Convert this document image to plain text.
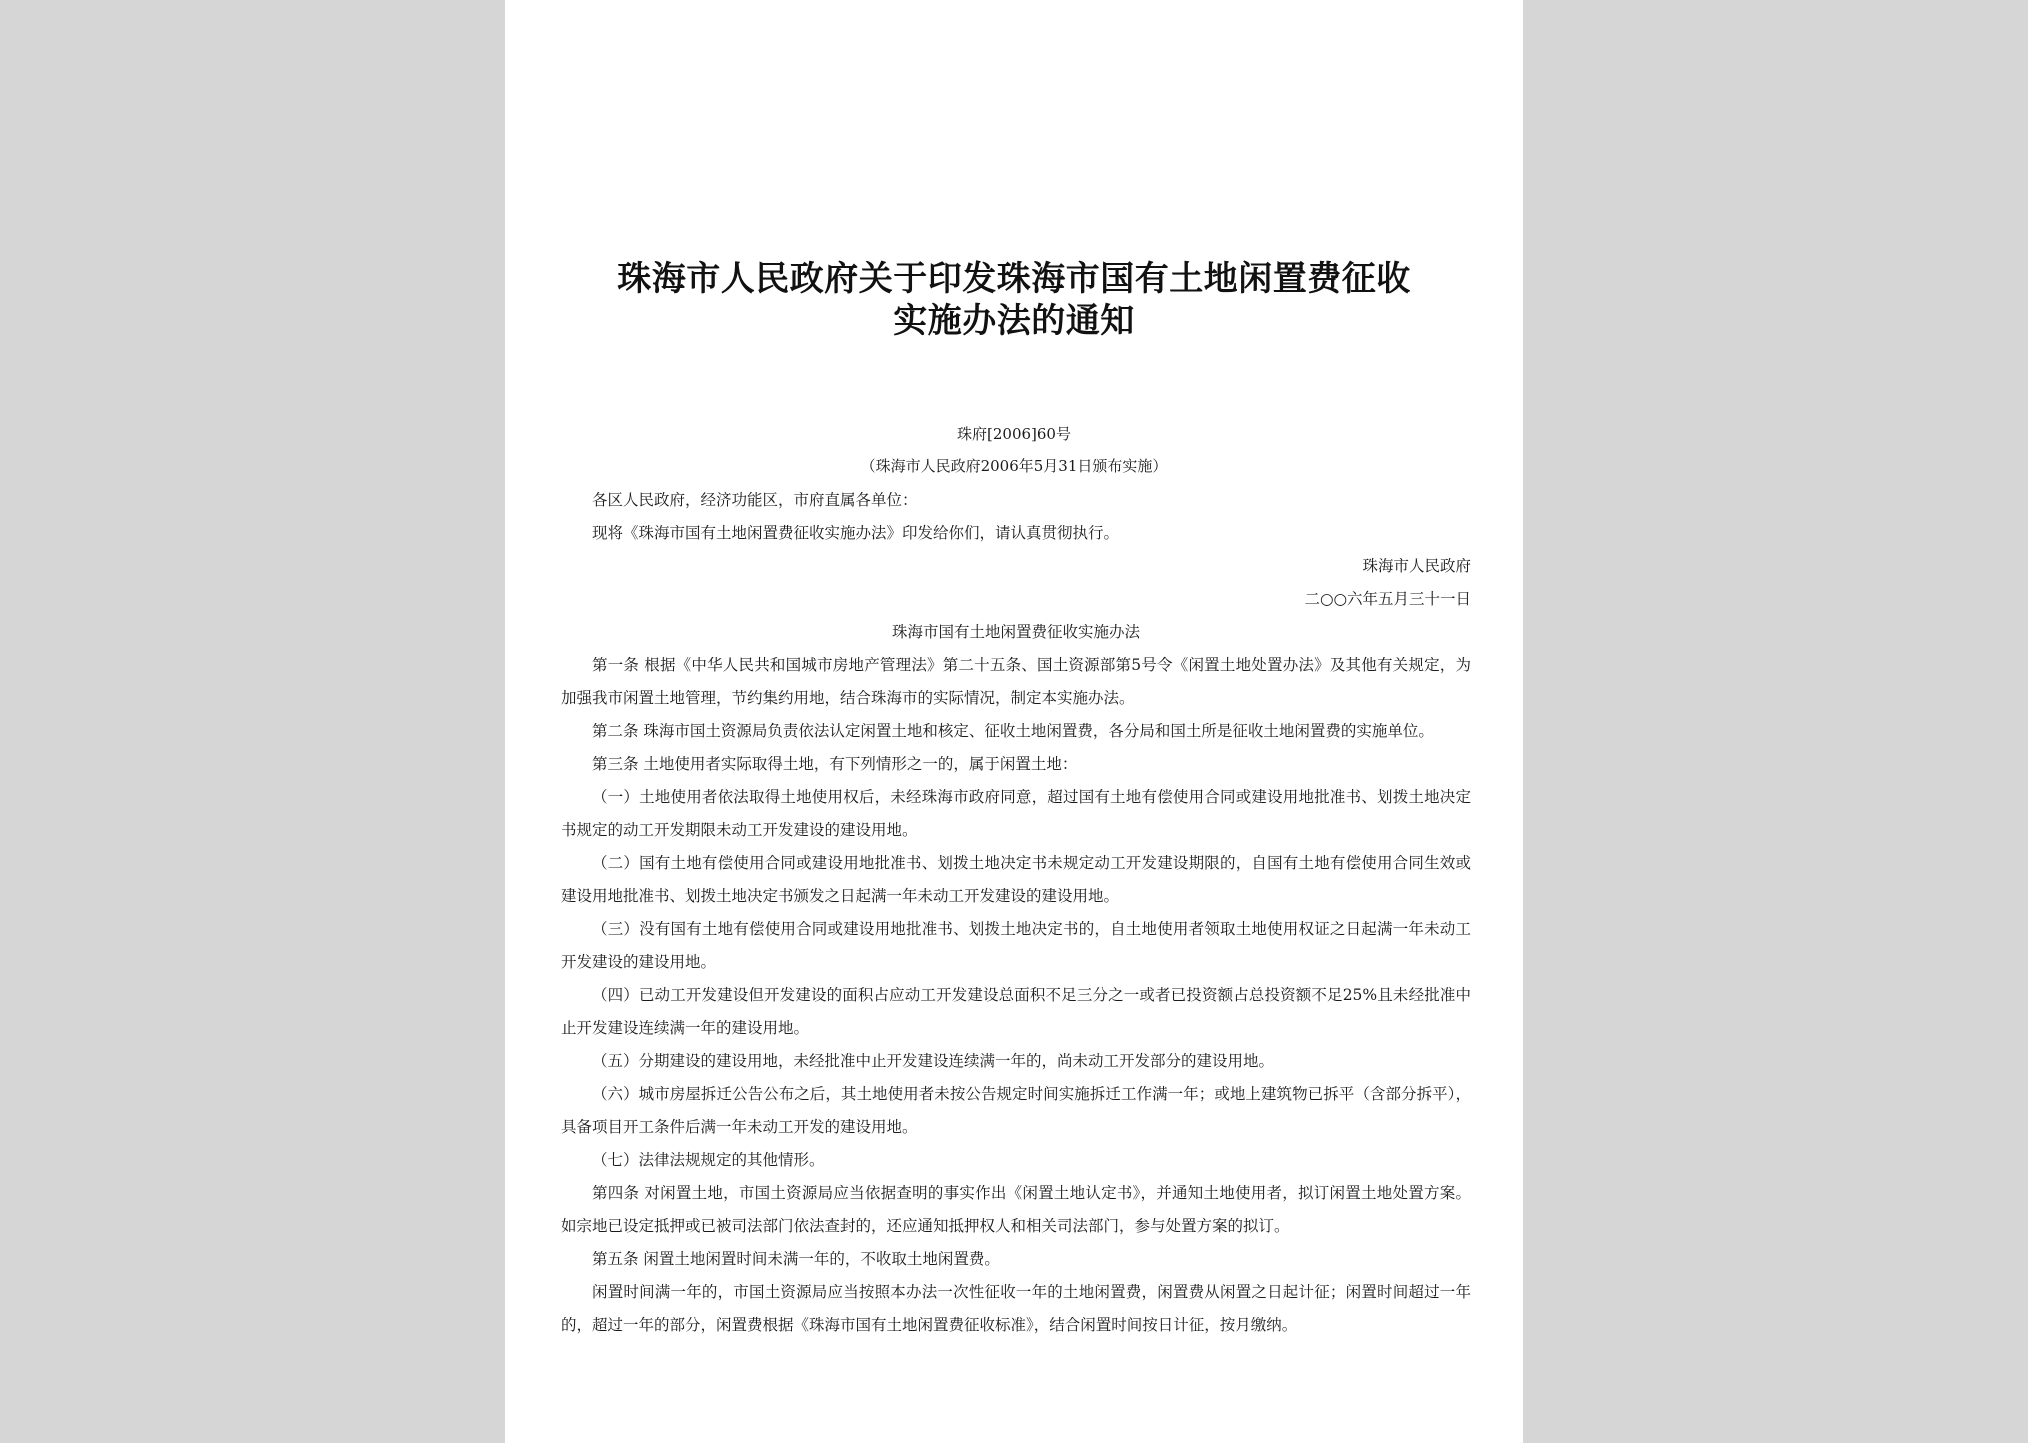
珠海市人民政府关于印发珠海市国有土地闲置费征收
实施办法的通知
珠府[2006]60号
（珠海市人民政府2006年5月31日颁布实施）

各区人民政府，经济功能区，市府直属各单位：

现将《珠海市国有土地闲置费征收实施办法》印发给你们，请认真贯彻执行。

珠海市人民政府

二○○六年五月三十一日

珠海市国有土地闲置费征收实施办法

第一条 根据《中华人民共和国城市房地产管理法》第二十五条、国土资源部第5号令《闲置土地处置办法》及其他有关规定，为加强我市闲置土地管理，节约集约用地，结合珠海市的实际情况，制定本实施办法。

第二条 珠海市国土资源局负责依法认定闲置土地和核定、征收土地闲置费，各分局和国土所是征收土地闲置费的实施单位。

第三条 土地使用者实际取得土地，有下列情形之一的，属于闲置土地：

（一）土地使用者依法取得土地使用权后，未经珠海市政府同意，超过国有土地有偿使用合同或建设用地批准书、划拨土地决定书规定的动工开发期限未动工开发建设的建设用地。

（二）国有土地有偿使用合同或建设用地批准书、划拨土地决定书未规定动工开发建设期限的，自国有土地有偿使用合同生效或建设用地批准书、划拨土地决定书颁发之日起满一年未动工开发建设的建设用地。

（三）没有国有土地有偿使用合同或建设用地批准书、划拨土地决定书的，自土地使用者领取土地使用权证之日起满一年未动工开发建设的建设用地。

（四）已动工开发建设但开发建设的面积占应动工开发建设总面积不足三分之一或者已投资额占总投资额不足25%且未经批准中止开发建设连续满一年的建设用地。

（五）分期建设的建设用地，未经批准中止开发建设连续满一年的，尚未动工开发部分的建设用地。

（六）城市房屋拆迁公告公布之后，其土地使用者未按公告规定时间实施拆迁工作满一年；或地上建筑物已拆平（含部分拆平），具备项目开工条件后满一年未动工开发的建设用地。

（七）法律法规规定的其他情形。

第四条 对闲置土地，市国土资源局应当依据查明的事实作出《闲置土地认定书》，并通知土地使用者，拟订闲置土地处置方案。如宗地已设定抵押或已被司法部门依法查封的，还应通知抵押权人和相关司法部门，参与处置方案的拟订。

第五条 闲置土地闲置时间未满一年的，不收取土地闲置费。

闲置时间满一年的，市国土资源局应当按照本办法一次性征收一年的土地闲置费，闲置费从闲置之日起计征；闲置时间超过一年的，超过一年的部分，闲置费根据《珠海市国有土地闲置费征收标准》，结合闲置时间按日计征，按月缴纳。
